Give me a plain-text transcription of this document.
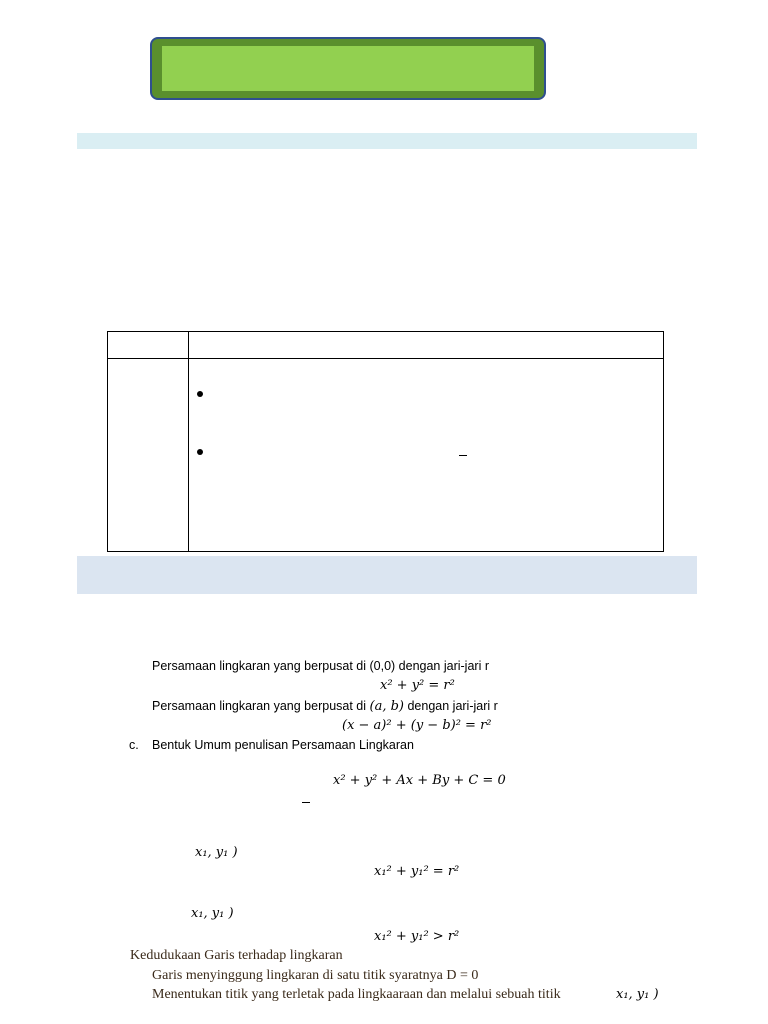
Persamaan lingkaran yang berpusat di (0,0) dengan jari-jari r
x² + y² = r²
Persamaan lingkaran yang berpusat di (a, b) dengan jari-jari r
(x − a)² + (y − b)² = r²
c. Bentuk Umum penulisan Persamaan Lingkaran
x² + y² + Ax + By + C = 0
x₁, y₁ )
x₁² + y₁² = r²
x₁, y₁ )
x₁² + y₁² > r²
Kedudukaan Garis terhadap lingkaran
Garis menyinggung lingkaran di satu titik syaratnya D = 0
Menentukan titik yang terletak pada lingkaaraan dan melalui sebuah titik	x₁, y₁ )
